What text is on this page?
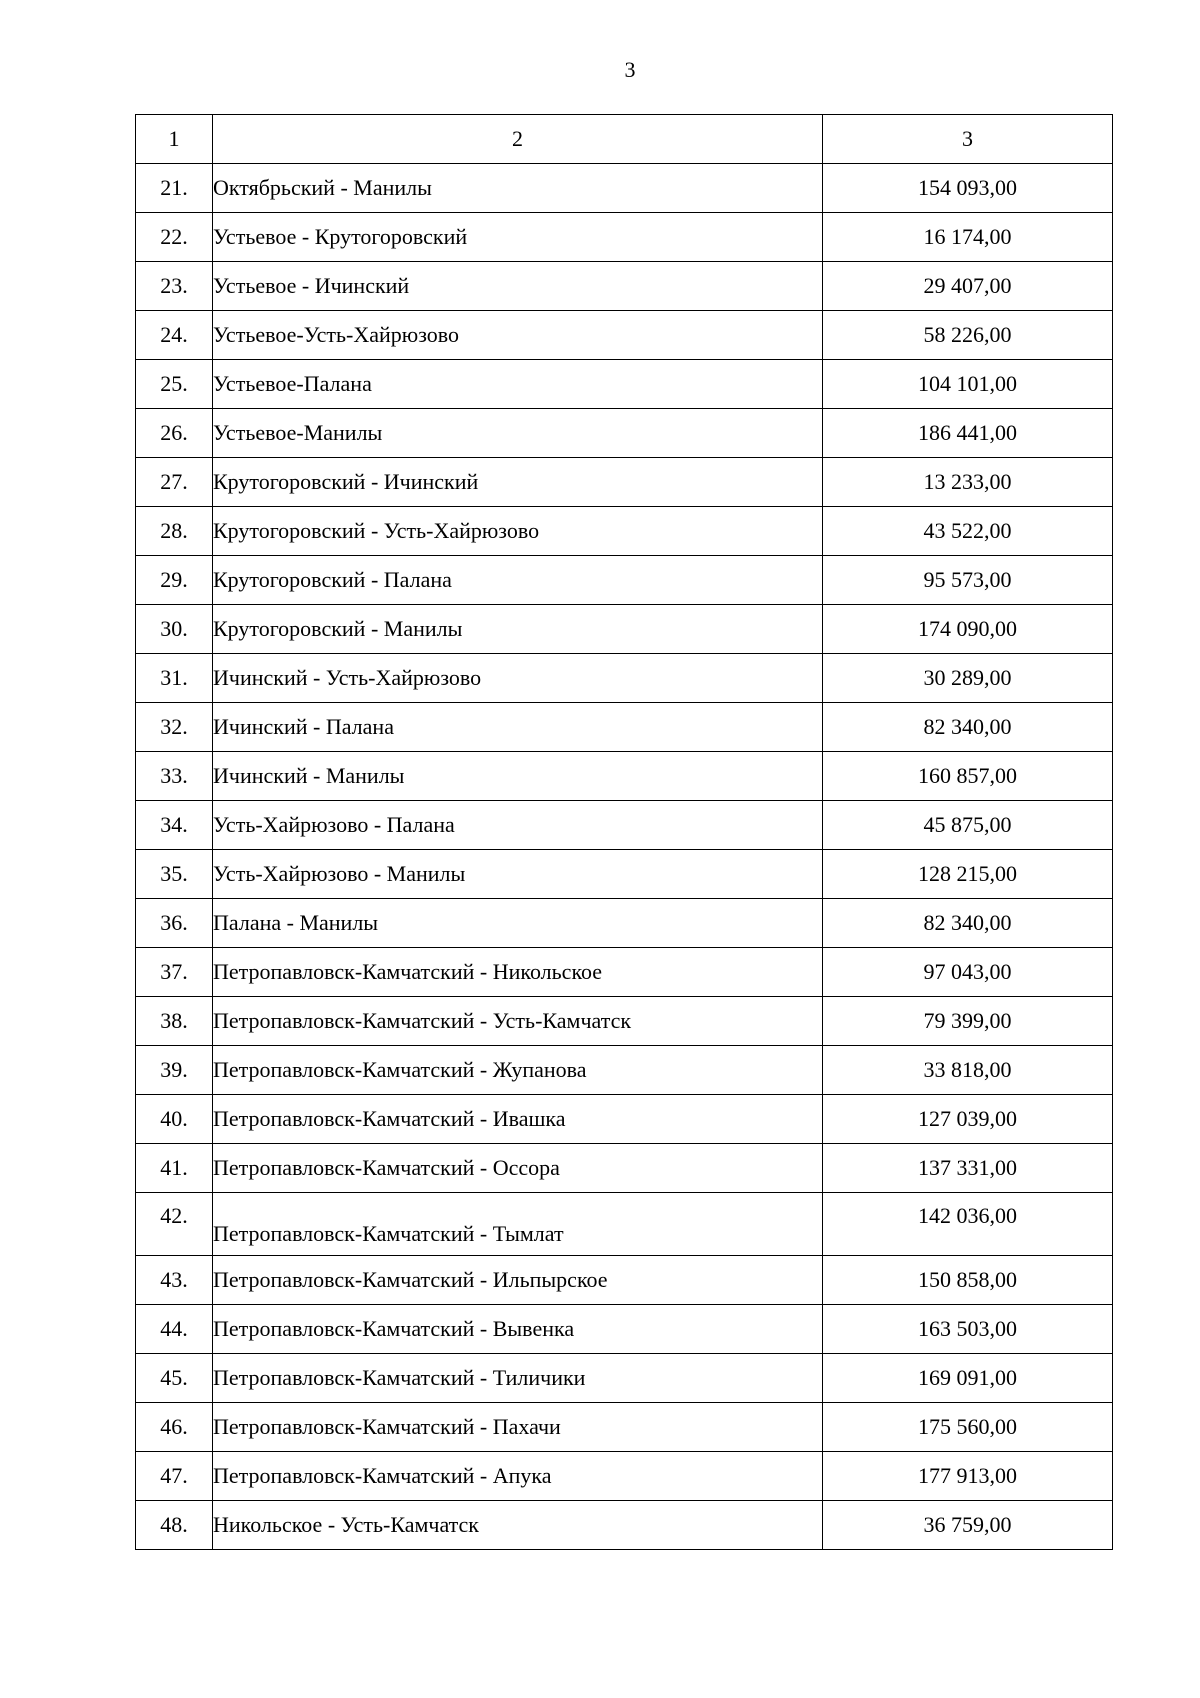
3
1	2	3
21.	Октябрьский - Манилы	154 093,00
22.	Устьевое - Крутогоровский	16 174,00
23.	Устьевое - Ичинский	29 407,00
24.	Устьевое-Усть-Хайрюзово	58 226,00
25.	Устьевое-Палана	104 101,00
26.	Устьевое-Манилы	186 441,00
27.	Крутогоровский - Ичинский	13 233,00
28.	Крутогоровский - Усть-Хайрюзово	43 522,00
29.	Крутогоровский - Палана	95 573,00
30.	Крутогоровский - Манилы	174 090,00
31.	Ичинский - Усть-Хайрюзово	30 289,00
32.	Ичинский - Палана	82 340,00
33.	Ичинский - Манилы	160 857,00
34.	Усть-Хайрюзово - Палана	45 875,00
35.	Усть-Хайрюзово - Манилы	128 215,00
36.	Палана - Манилы	82 340,00
37.	Петропавловск-Камчатский - Никольское	97 043,00
38.	Петропавловск-Камчатский - Усть-Камчатск	79 399,00
39.	Петропавловск-Камчатский - Жупанова	33 818,00
40.	Петропавловск-Камчатский - Ивашка	127 039,00
41.	Петропавловск-Камчатский - Оссора	137 331,00
42.	Петропавловск-Камчатский - Тымлат	142 036,00
43.	Петропавловск-Камчатский - Ильпырское	150 858,00
44.	Петропавловск-Камчатский - Вывенка	163 503,00
45.	Петропавловск-Камчатский - Тиличики	169 091,00
46.	Петропавловск-Камчатский - Пахачи	175 560,00
47.	Петропавловск-Камчатский - Апука	177 913,00
48.	Никольское - Усть-Камчатск	36 759,00
